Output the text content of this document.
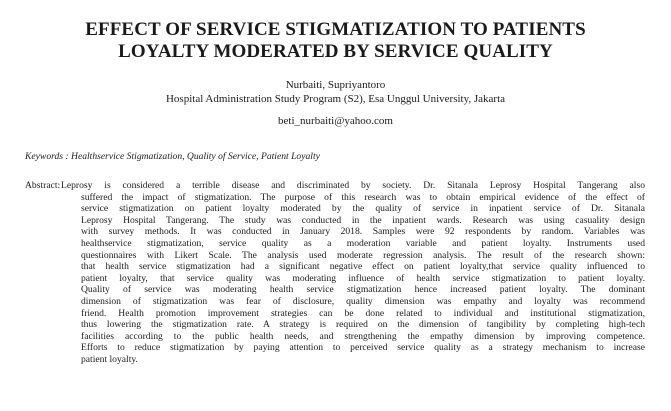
EFFECT OF SERVICE STIGMATIZATION TO PATIENTS
LOYALTY MODERATED BY SERVICE QUALITY
Nurbaiti, Supriyantoro
Hospital Administration Study Program (S2), Esa Unggul University, Jakarta
beti_nurbaiti@yahoo.com
Keywords : Healthservice Stigmatization, Quality of Service, Patient Loyalty
Abstract: Leprosy is considered a terrible disease and discriminated by society. Dr. Sitanala Leprosy Hospital Tangerang also
suffered the impact of stigmatization. The purpose of this research was to obtain empirical evidence of the effect of
service stigmatization on patient loyalty moderated by the quality of service in inpatient service of Dr. Sitanala
Leprosy Hospital Tangerang. The study was conducted in the inpatient wards. Research was using casuality design
with survey methods. It was conducted in January 2018. Samples were 92 respondents by random. Variables was
healthservice stigmatization, service quality as a moderation variable and patient loyalty. Instruments used
questionnaires with Likert Scale. The analysis used moderate regression analysis. The result of the research shown:
that health service stigmatization had a significant negative effect on patient loyalty,that service quality influenced to
patient loyalty, that service quality was moderating influence of health service stigmatization to patient loyalty.
Quality of service was moderating health service stigmatization hence increased patient loyalty. The dominant
dimension of stigmatization was fear of disclosure, quality dimension was empathy and loyalty was recommend
friend. Health promotion improvement strategies can be done related to individual and institutional stigmatization,
thus lowering the stigmatization rate. A strategy is required on the dimension of tangibility by completing high-tech
facilities according to the public health needs, and strengthening the empathy dimension by improving competence.
Efforts to reduce stigmatization by paying attention to perceived service quality as a strategy mechanism to increase
patient loyalty.
